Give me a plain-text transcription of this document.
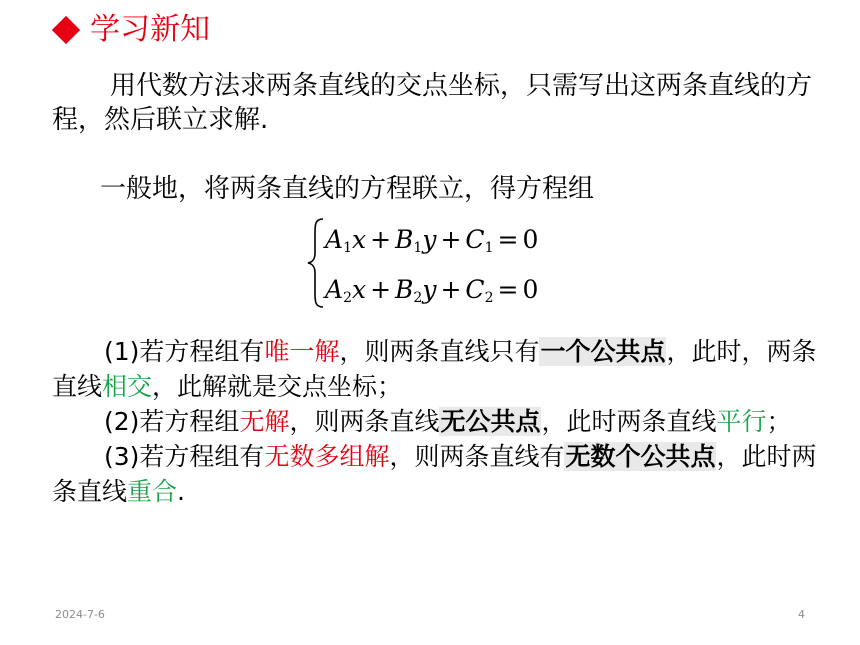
学习新知
用代数方法求两条直线的交点坐标，只需写出这两条直线的方程，然后联立求解.
一般地，将两条直线的方程联立，得方程组
$A_1x + B_1y + C_1 = 0$
$A_2x + B_2y + C_2 = 0$
(1)若方程组有唯一解，则两条直线只有一个公共点，此时，两条直线相交，此解就是交点坐标；
(2)若方程组无解，则两条直线无公共点，此时两条直线平行；
(3)若方程组有无数多组解，则两条直线有无数个公共点，此时两条直线重合.
2024-7-6	4
